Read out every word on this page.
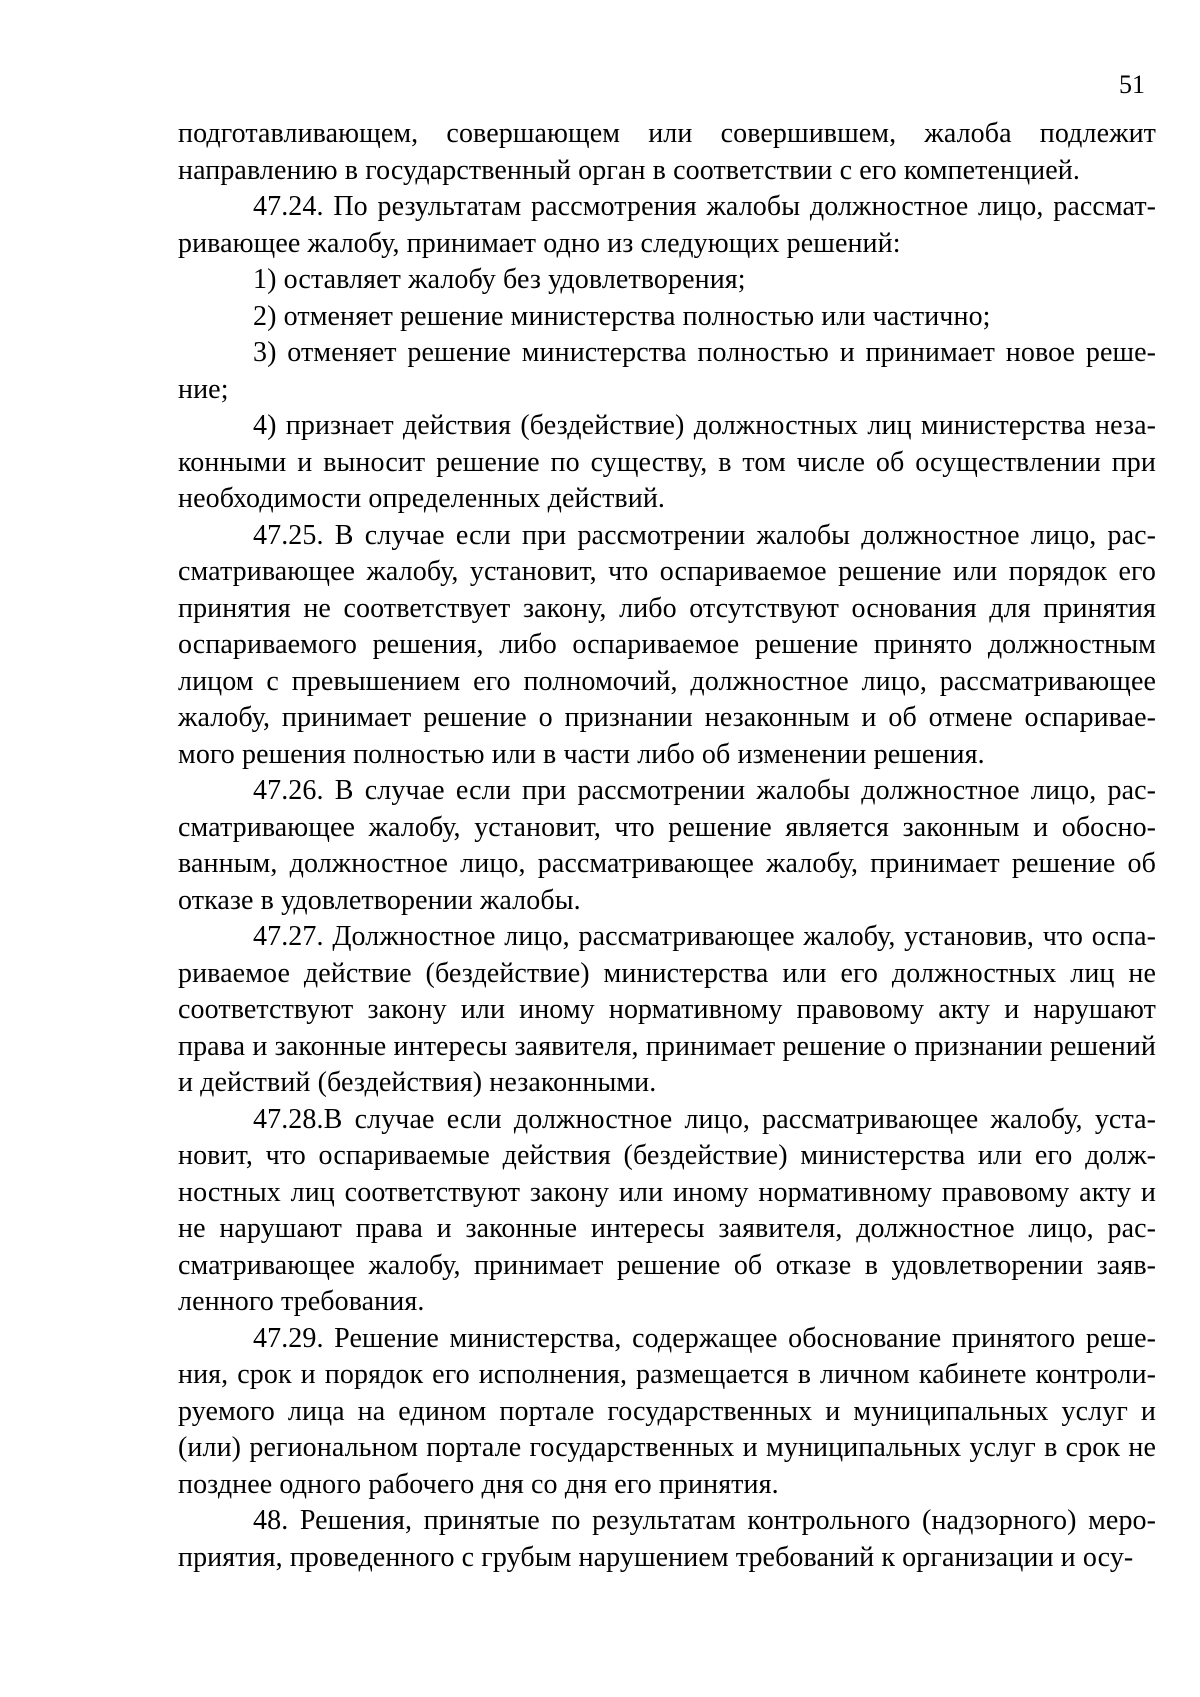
51

подготавливающем, совершающем или совершившем, жалоба подлежит направлению в государственный орган в соответствии с его компетенцией.

47.24. По результатам рассмотрения жалобы должностное лицо, рассматривающее жалобу, принимает одно из следующих решений:

1) оставляет жалобу без удовлетворения;

2) отменяет решение министерства полностью или частично;

3) отменяет решение министерства полностью и принимает новое решение;

4) признает действия (бездействие) должностных лиц министерства незаконными и выносит решение по существу, в том числе об осуществлении при необходимости определенных действий.

47.25. В случае если при рассмотрении жалобы должностное лицо, рассматривающее жалобу, установит, что оспариваемое решение или порядок его принятия не соответствует закону, либо отсутствуют основания для принятия оспариваемого решения, либо оспариваемое решение принято должностным лицом с превышением его полномочий, должностное лицо, рассматривающее жалобу, принимает решение о признании незаконным и об отмене оспариваемого решения полностью или в части либо об изменении решения.

47.26. В случае если при рассмотрении жалобы должностное лицо, рассматривающее жалобу, установит, что решение является законным и обоснованным, должностное лицо, рассматривающее жалобу, принимает решение об отказе в удовлетворении жалобы.

47.27. Должностное лицо, рассматривающее жалобу, установив, что оспариваемое действие (бездействие) министерства или его должностных лиц не соответствуют закону или иному нормативному правовому акту и нарушают права и законные интересы заявителя, принимает решение о признании решений и действий (бездействия) незаконными.

47.28.В случае если должностное лицо, рассматривающее жалобу, установит, что оспариваемые действия (бездействие) министерства или его должностных лиц соответствуют закону или иному нормативному правовому акту и не нарушают права и законные интересы заявителя, должностное лицо, рассматривающее жалобу, принимает решение об отказе в удовлетворении заявленного требования.

47.29. Решение министерства, содержащее обоснование принятого решения, срок и порядок его исполнения, размещается в личном кабинете контролируемого лица на едином портале государственных и муниципальных услуг и (или) региональном портале государственных и муниципальных услуг в срок не позднее одного рабочего дня со дня его принятия.

48. Решения, принятые по результатам контрольного (надзорного) мероприятия, проведенного с грубым нарушением требований к организации и осу-
